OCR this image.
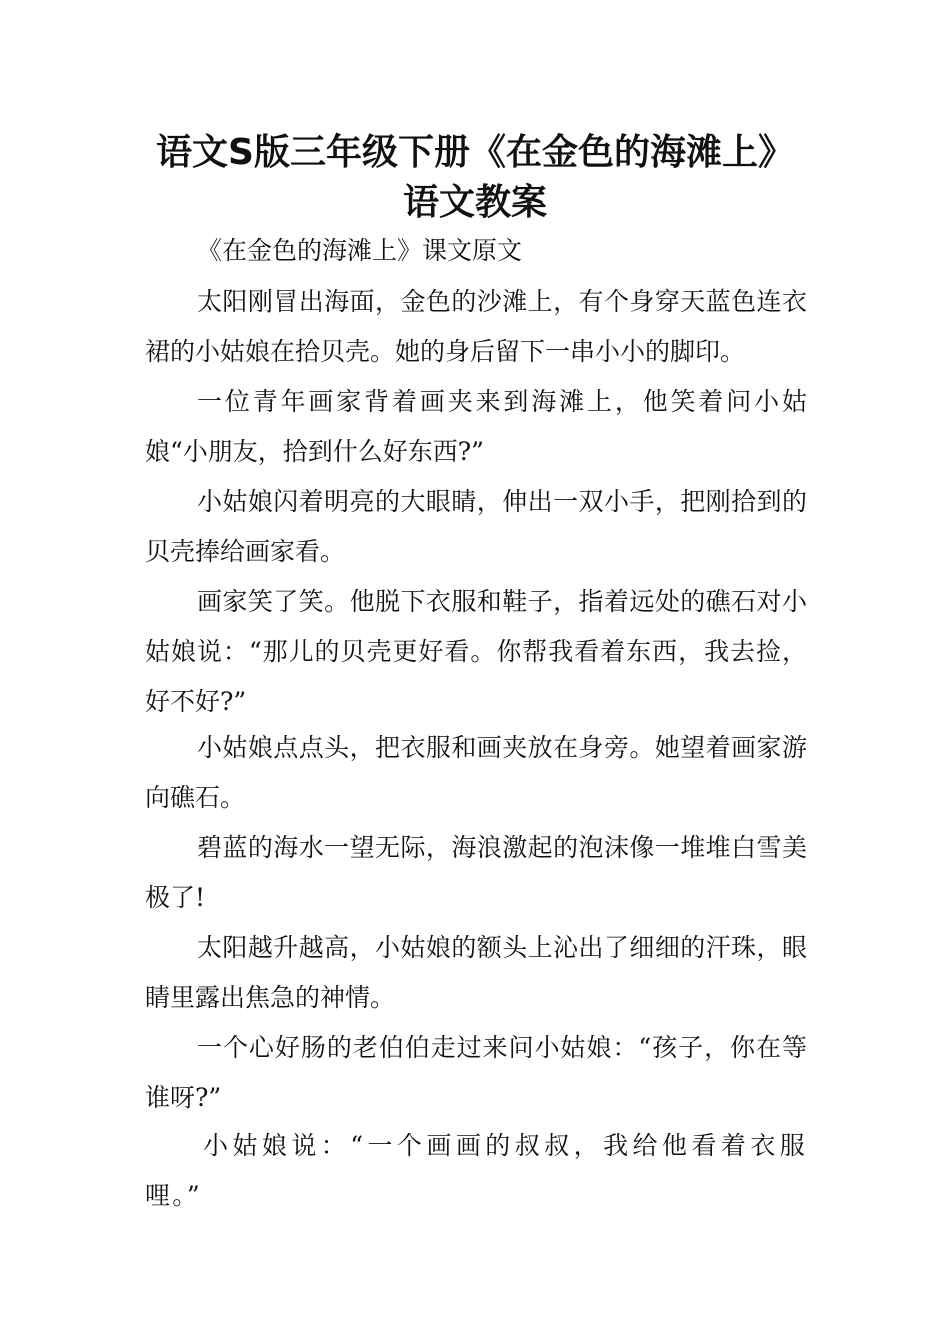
语文S版三年级下册《在金色的海滩上》
语文教案

《在金色的海滩上》课文原文

太阳刚冒出海面，金色的沙滩上，有个身穿天蓝色连衣裙的小姑娘在拾贝壳。她的身后留下一串小小的脚印。

一位青年画家背着画夹来到海滩上，他笑着问小姑娘“小朋友，拾到什么好东西?”

小姑娘闪着明亮的大眼睛，伸出一双小手，把刚拾到的贝壳捧给画家看。

画家笑了笑。他脱下衣服和鞋子，指着远处的礁石对小姑娘说：“那儿的贝壳更好看。你帮我看着东西，我去捡，好不好?”

小姑娘点点头，把衣服和画夹放在身旁。她望着画家游向礁石。

碧蓝的海水一望无际，海浪激起的泡沫像一堆堆白雪美极了!

太阳越升越高，小姑娘的额头上沁出了细细的汗珠，眼睛里露出焦急的神情。

一个心好肠的老伯伯走过来问小姑娘：“孩子，你在等谁呀?”

小姑娘说：“一个画画的叔叔，我给他看着衣服哩。”
